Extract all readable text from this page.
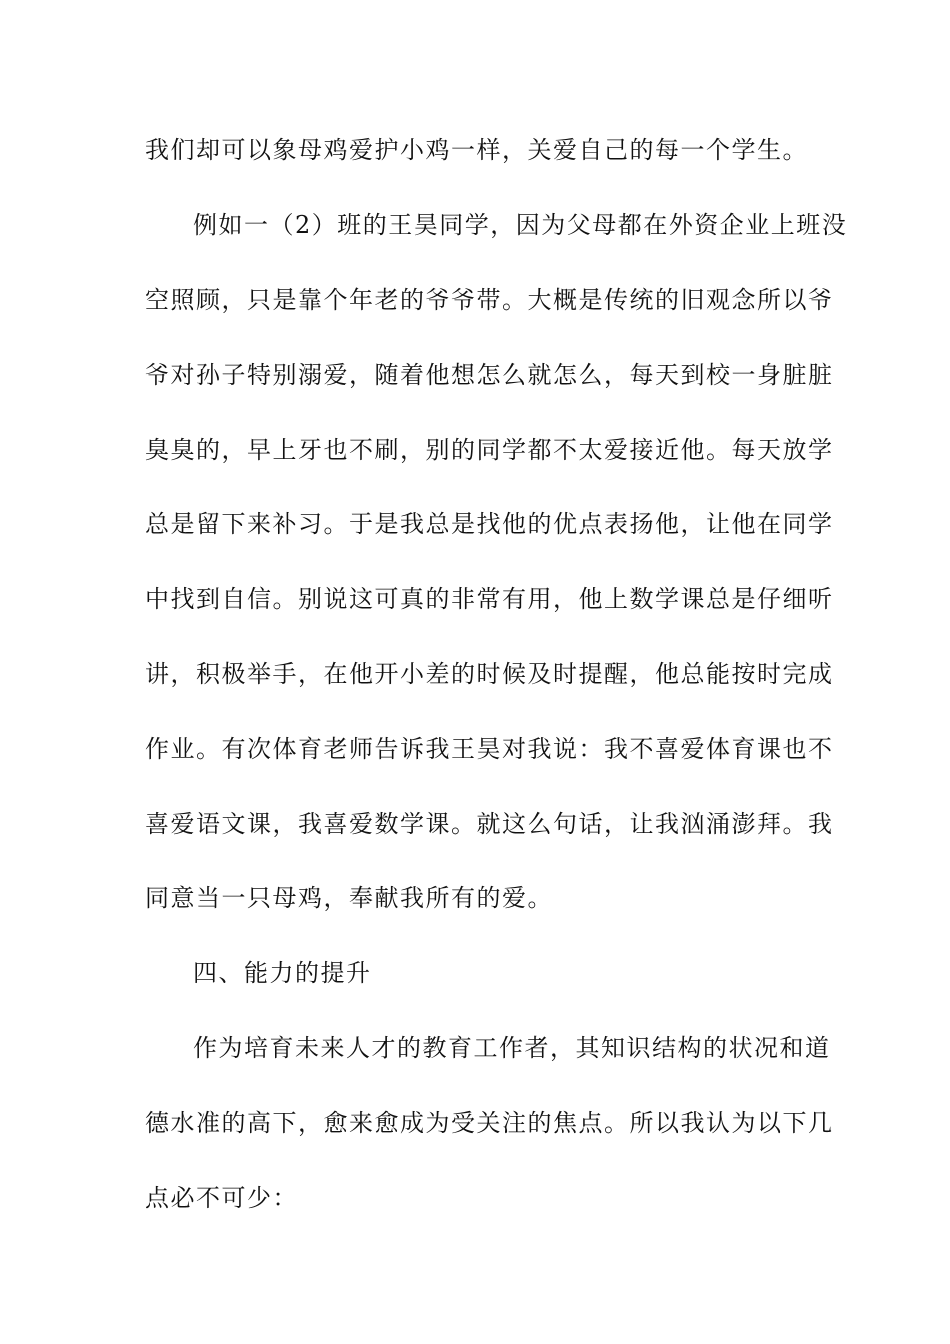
我们却可以象母鸡爱护小鸡一样，关爱自己的每一个学生。
例如一（2）班的王昊同学，因为父母都在外资企业上班没
空照顾，只是靠个年老的爷爷带。大概是传统的旧观念所以爷
爷对孙子特别溺爱，随着他想怎么就怎么，每天到校一身脏脏
臭臭的，早上牙也不刷，别的同学都不太爱接近他。每天放学
总是留下来补习。于是我总是找他的优点表扬他，让他在同学
中找到自信。别说这可真的非常有用，他上数学课总是仔细听
讲，积极举手，在他开小差的时候及时提醒，他总能按时完成
作业。有次体育老师告诉我王昊对我说：我不喜爱体育课也不
喜爱语文课，我喜爱数学课。就这么句话，让我汹涌澎拜。我
同意当一只母鸡，奉献我所有的爱。
四、能力的提升
作为培育未来人才的教育工作者，其知识结构的状况和道
德水准的高下，愈来愈成为受关注的焦点。所以我认为以下几
点必不可少：
